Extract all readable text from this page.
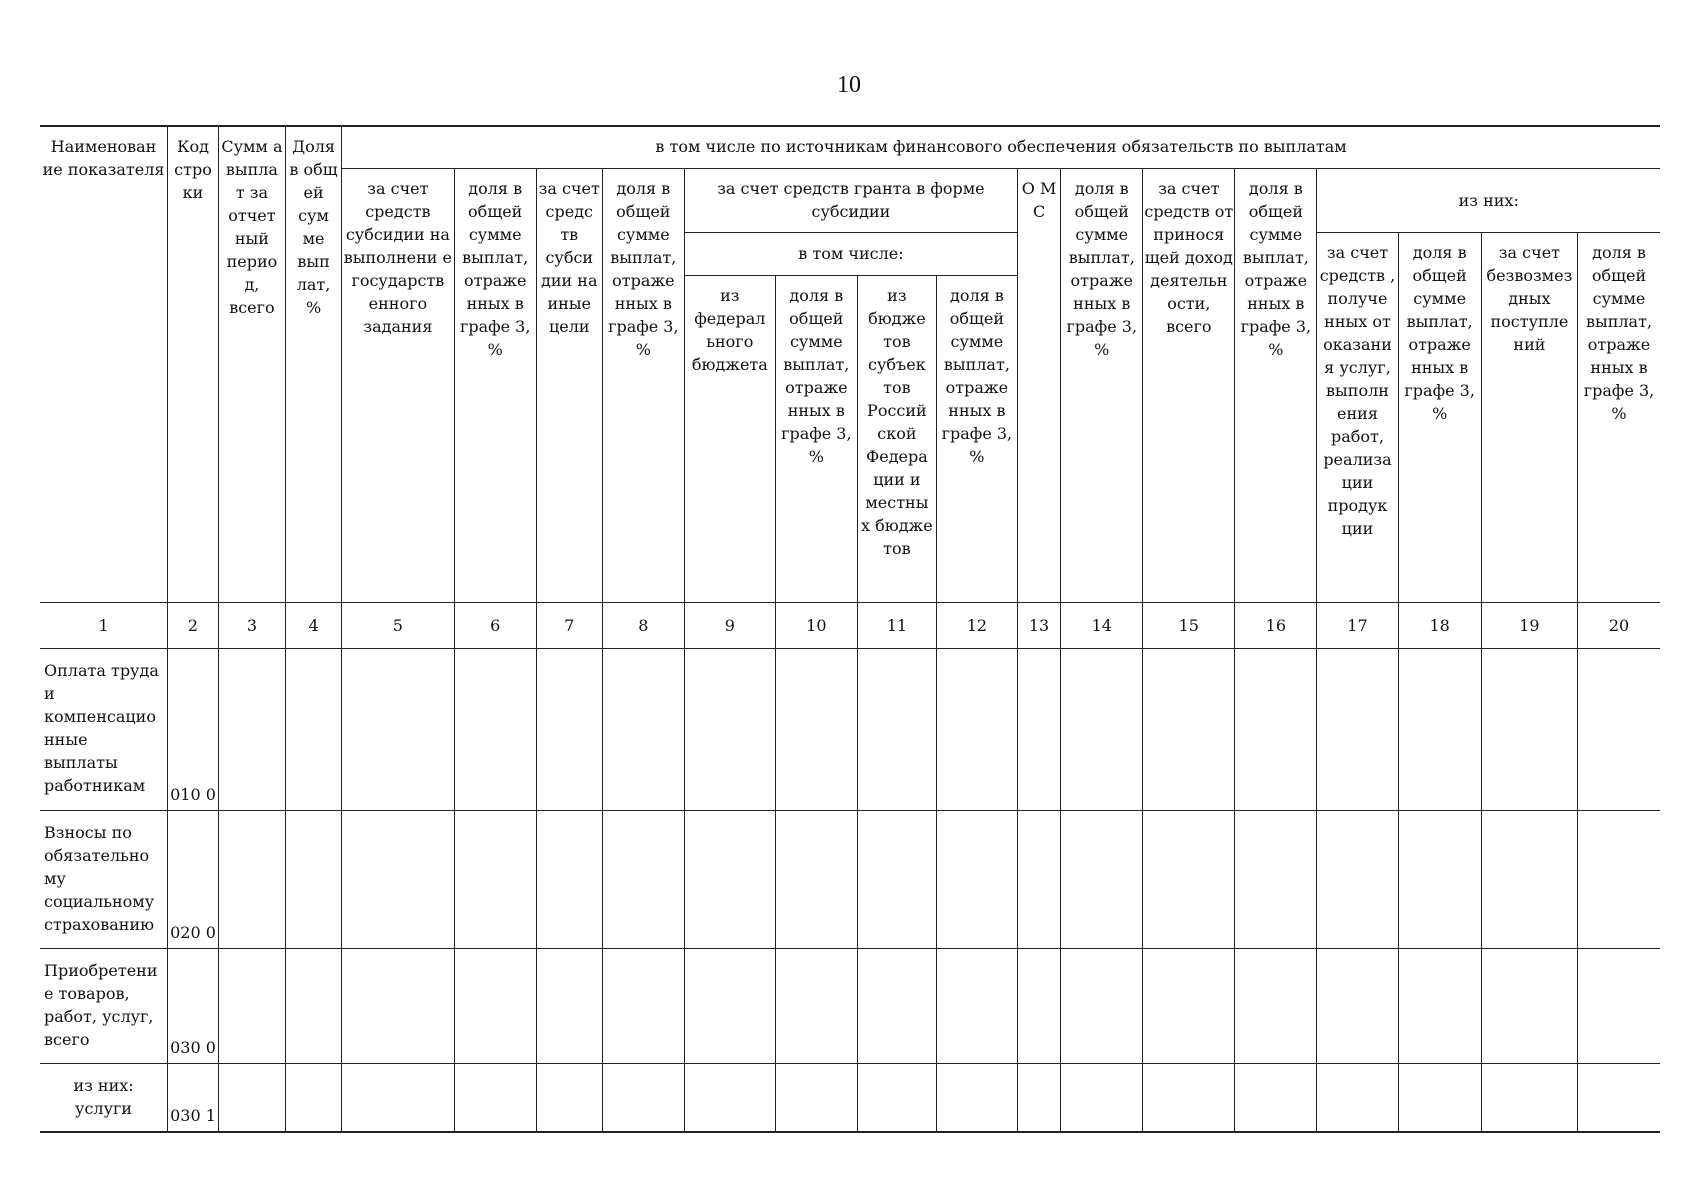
10
Наименован ие показателя	Код стро ки	Сумм а выпла т за отчет ный перио д, всего	Доля в общ ей сум ме вып лат, %	в том числе по источникам финансового обеспечения обязательств по выплатам															
				за счет средств субсидии на выполнени е государств енного задания	доля в общей сумме выплат, отраже нных в графе 3, %	за счет средс тв субси дии на иные цели	доля в общей сумме выплат, отраже нных в графе 3, %	за счет средств гранта в форме субсидии				О М С	доля в общей сумме выплат, отраже нных в графе 3, %	за счет средств от принося щей доход деятельн ости, всего	доля в общей сумме выплат, отраже нных в графе 3, %	из них:			
								в том числе:								за счет средств , получе нных от оказани я услуг, выполн ения работ, реализа ции продук ции	доля в общей сумме выплат, отраже нных в графе 3, %	за счет безвозмез дных поступле ний	доля в общей сумме выплат, отраже нных в графе 3, %
								из федерал ьного бюджета	доля в общей сумме выплат, отраже нных в графе 3, %	из бюдже тов субъек тов Россий ской Федера ции и местны х бюдже тов	доля в общей сумме выплат, отраже нных в графе 3, %								
1	2	3	4	5	6	7	8	9	10	11	12	13	14	15	16	17	18	19	20
Оплата труда и компенсацио нные выплаты работникам	010 0																		
Взносы по обязательно му социальному страхованию	020 0																		
Приобретени е товаров, работ, услуг, всего	030 0																		
из них: услуги	030 1																		
